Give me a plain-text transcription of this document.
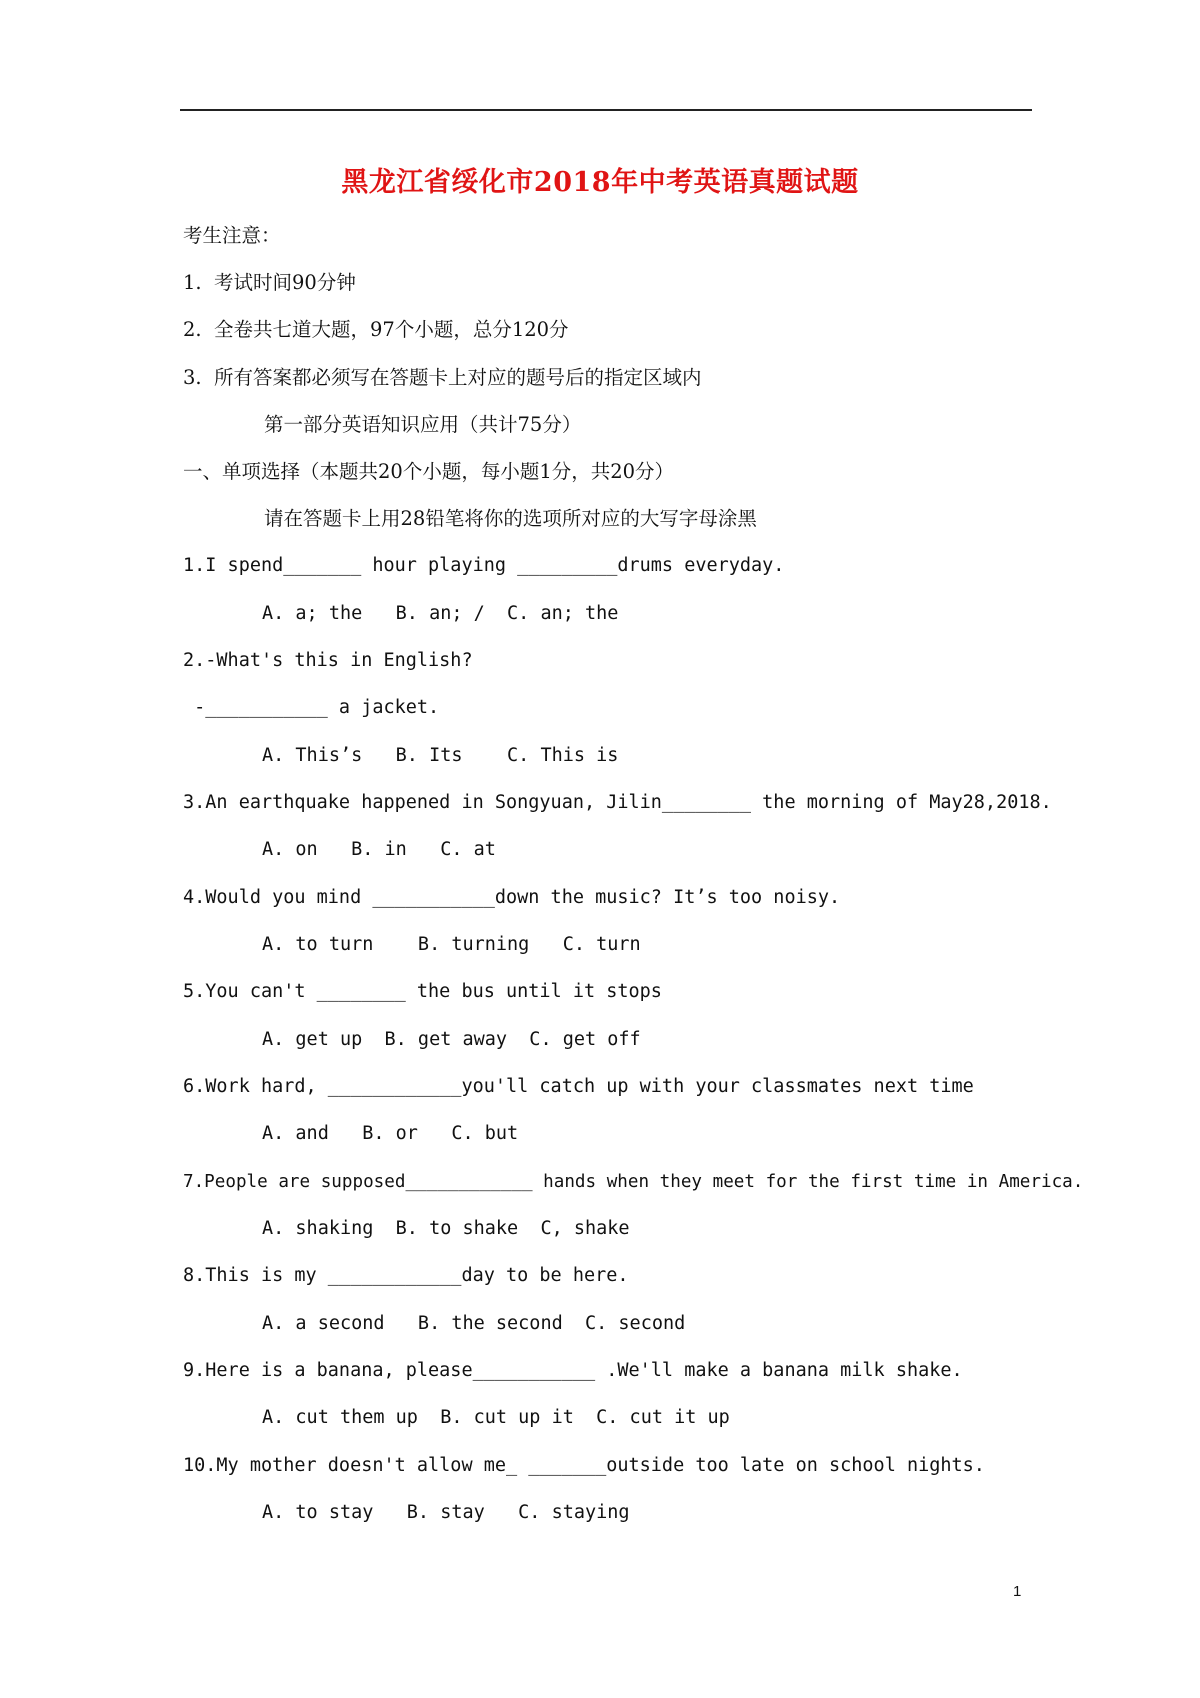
黑龙江省绥化市2018年中考英语真题试题
考生注意：
1.  考试时间90分钟
2.  全卷共七道大题，97个小题，总分120分
3.  所有答案都必须写在答题卡上对应的题号后的指定区域内
第一部分英语知识应用（共计75分）
一、单项选择（本题共20个小题，每小题1分，共20分）
请在答题卡上用28铅笔将你的选项所对应的大写字母涂黑
1.I spend_______ hour playing _________drums everyday.
A. a; the   B. an; /  C. an; the
2.-What's this in English?
-___________ a jacket.
A. This’s   B. Its    C. This is
3.An earthquake happened in Songyuan, Jilin________ the morning of May28,2018.
A. on   B. in   C. at
4.Would you mind ___________down the music? It’s too noisy.
A. to turn    B. turning   C. turn
5.You can't ________ the bus until it stops
A. get up  B. get away  C. get off
6.Work hard, ____________you'll catch up with your classmates next time
A. and   B. or   C. but
7.People are supposed____________ hands when they meet for the first time in America.
A. shaking  B. to shake  C, shake
8.This is my ____________day to be here.
A. a second   B. the second  C. second
9.Here is a banana, please___________ .We'll make a banana milk shake.
A. cut them up  B. cut up it  C. cut it up
10.My mother doesn't allow me_ _______outside too late on school nights.
A. to stay   B. stay   C. staying
1
